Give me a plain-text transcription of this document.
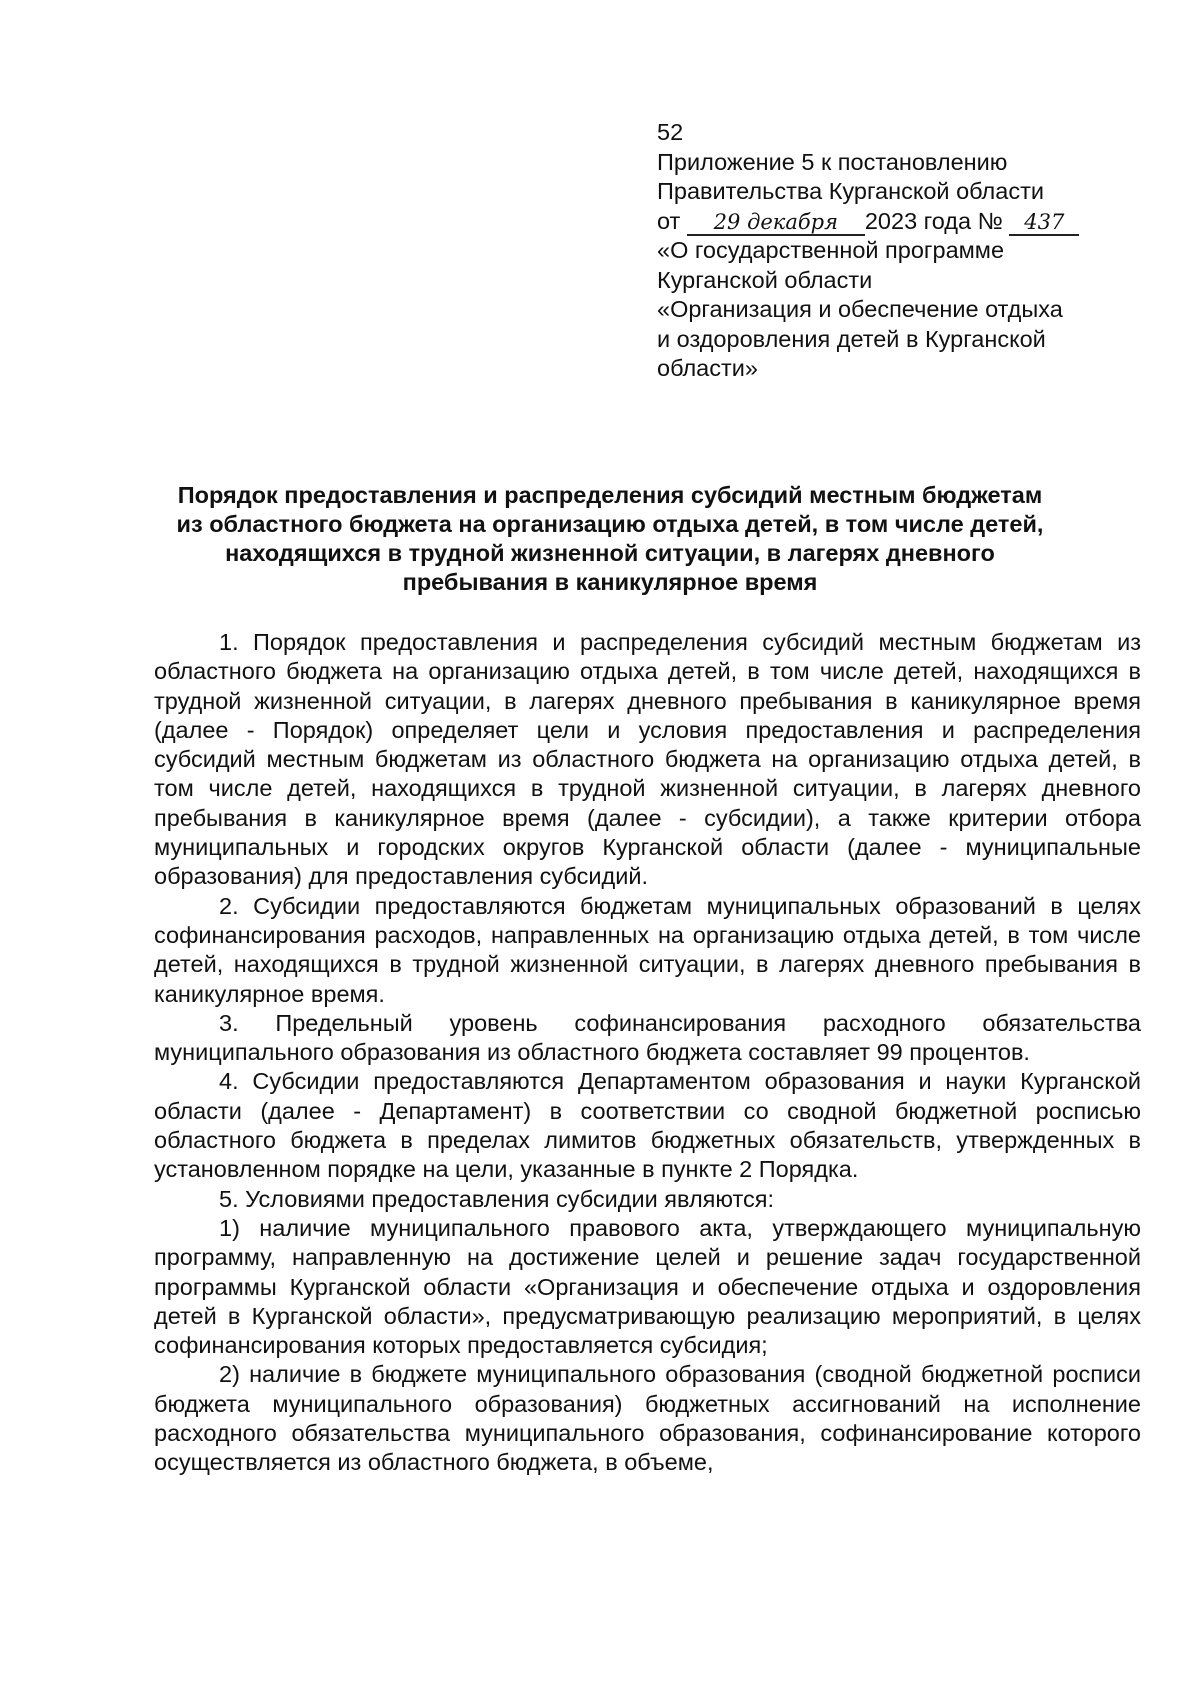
52
Приложение 5 к постановлению
Правительства Курганской области
от 29 декабря 2023 года № 437
«О государственной программе
Курганской области
«Организация и обеспечение отдыха
и оздоровления детей в Курганской
области»
Порядок предоставления и распределения субсидий местным бюджетам
из областного бюджета на организацию отдыха детей, в том числе детей,
находящихся в трудной жизненной ситуации, в лагерях дневного
пребывания в каникулярное время

1. Порядок предоставления и распределения субсидий местным бюджетам из областного бюджета на организацию отдыха детей, в том числе детей, находящихся в трудной жизненной ситуации, в лагерях дневного пребывания в каникулярное время (далее - Порядок) определяет цели и условия предоставления и распределения субсидий местным бюджетам из областного бюджета на организацию отдыха детей, в том числе детей, находящихся в трудной жизненной ситуации, в лагерях дневного пребывания в каникулярное время (далее - субсидии), а также критерии отбора муниципальных и городских округов Курганской области (далее - муниципальные образования) для предоставления субсидий.

2. Субсидии предоставляются бюджетам муниципальных образований в целях софинансирования расходов, направленных на организацию отдыха детей, в том числе детей, находящихся в трудной жизненной ситуации, в лагерях дневного пребывания в каникулярное время.

3. Предельный уровень софинансирования расходного обязательства муниципального образования из областного бюджета составляет 99 процентов.

4. Субсидии предоставляются Департаментом образования и науки Курганской области (далее - Департамент) в соответствии со сводной бюджетной росписью областного бюджета в пределах лимитов бюджетных обязательств, утвержденных в установленном порядке на цели, указанные в пункте 2 Порядка.

5. Условиями предоставления субсидии являются:

1) наличие муниципального правового акта, утверждающего муниципальную программу, направленную на достижение целей и решение задач государственной программы Курганской области «Организация и обеспечение отдыха и оздоровления детей в Курганской области», предусматривающую реализацию мероприятий, в целях софинансирования которых предоставляется субсидия;

2) наличие в бюджете муниципального образования (сводной бюджетной росписи бюджета муниципального образования) бюджетных ассигнований на исполнение расходного обязательства муниципального образования, софинансирование которого осуществляется из областного бюджета, в объеме,
